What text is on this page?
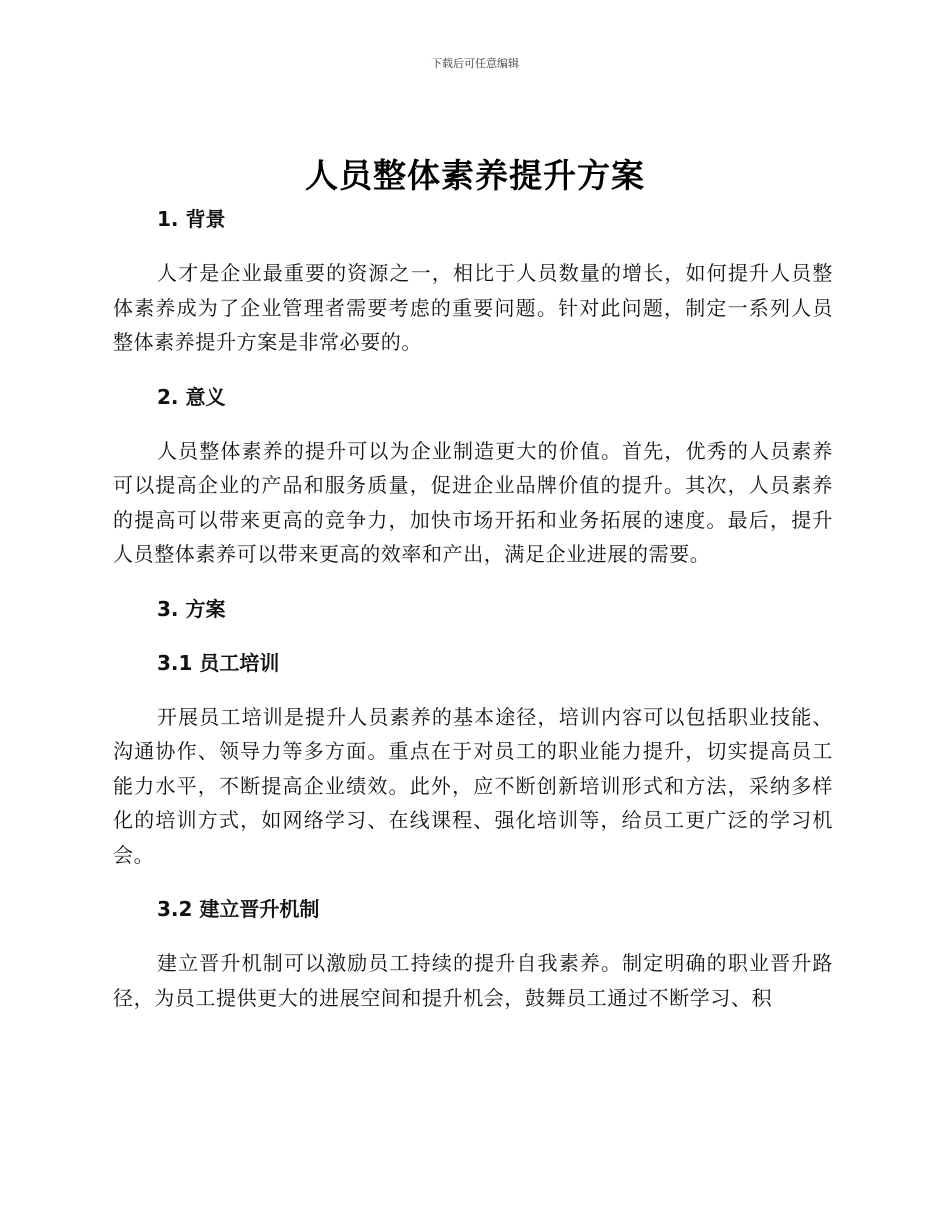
下载后可任意编辑
人员整体素养提升方案
1. 背景

人才是企业最重要的资源之一，相比于人员数量的增长，如何提升人员整体素养成为了企业管理者需要考虑的重要问题。针对此问题，制定一系列人员整体素养提升方案是非常必要的。

2. 意义

人员整体素养的提升可以为企业制造更大的价值。首先，优秀的人员素养可以提高企业的产品和服务质量，促进企业品牌价值的提升。其次，人员素养的提高可以带来更高的竞争力，加快市场开拓和业务拓展的速度。最后，提升人员整体素养可以带来更高的效率和产出，满足企业进展的需要。

3. 方案
3.1 员工培训

开展员工培训是提升人员素养的基本途径，培训内容可以包括职业技能、沟通协作、领导力等多方面。重点在于对员工的职业能力提升，切实提高员工能力水平，不断提高企业绩效。此外，应不断创新培训形式和方法，采纳多样化的培训方式，如网络学习、在线课程、强化培训等，给员工更广泛的学习机会。

3.2 建立晋升机制

建立晋升机制可以激励员工持续的提升自我素养。制定明确的职业晋升路径，为员工提供更大的进展空间和提升机会，鼓舞员工通过不断学习、积
